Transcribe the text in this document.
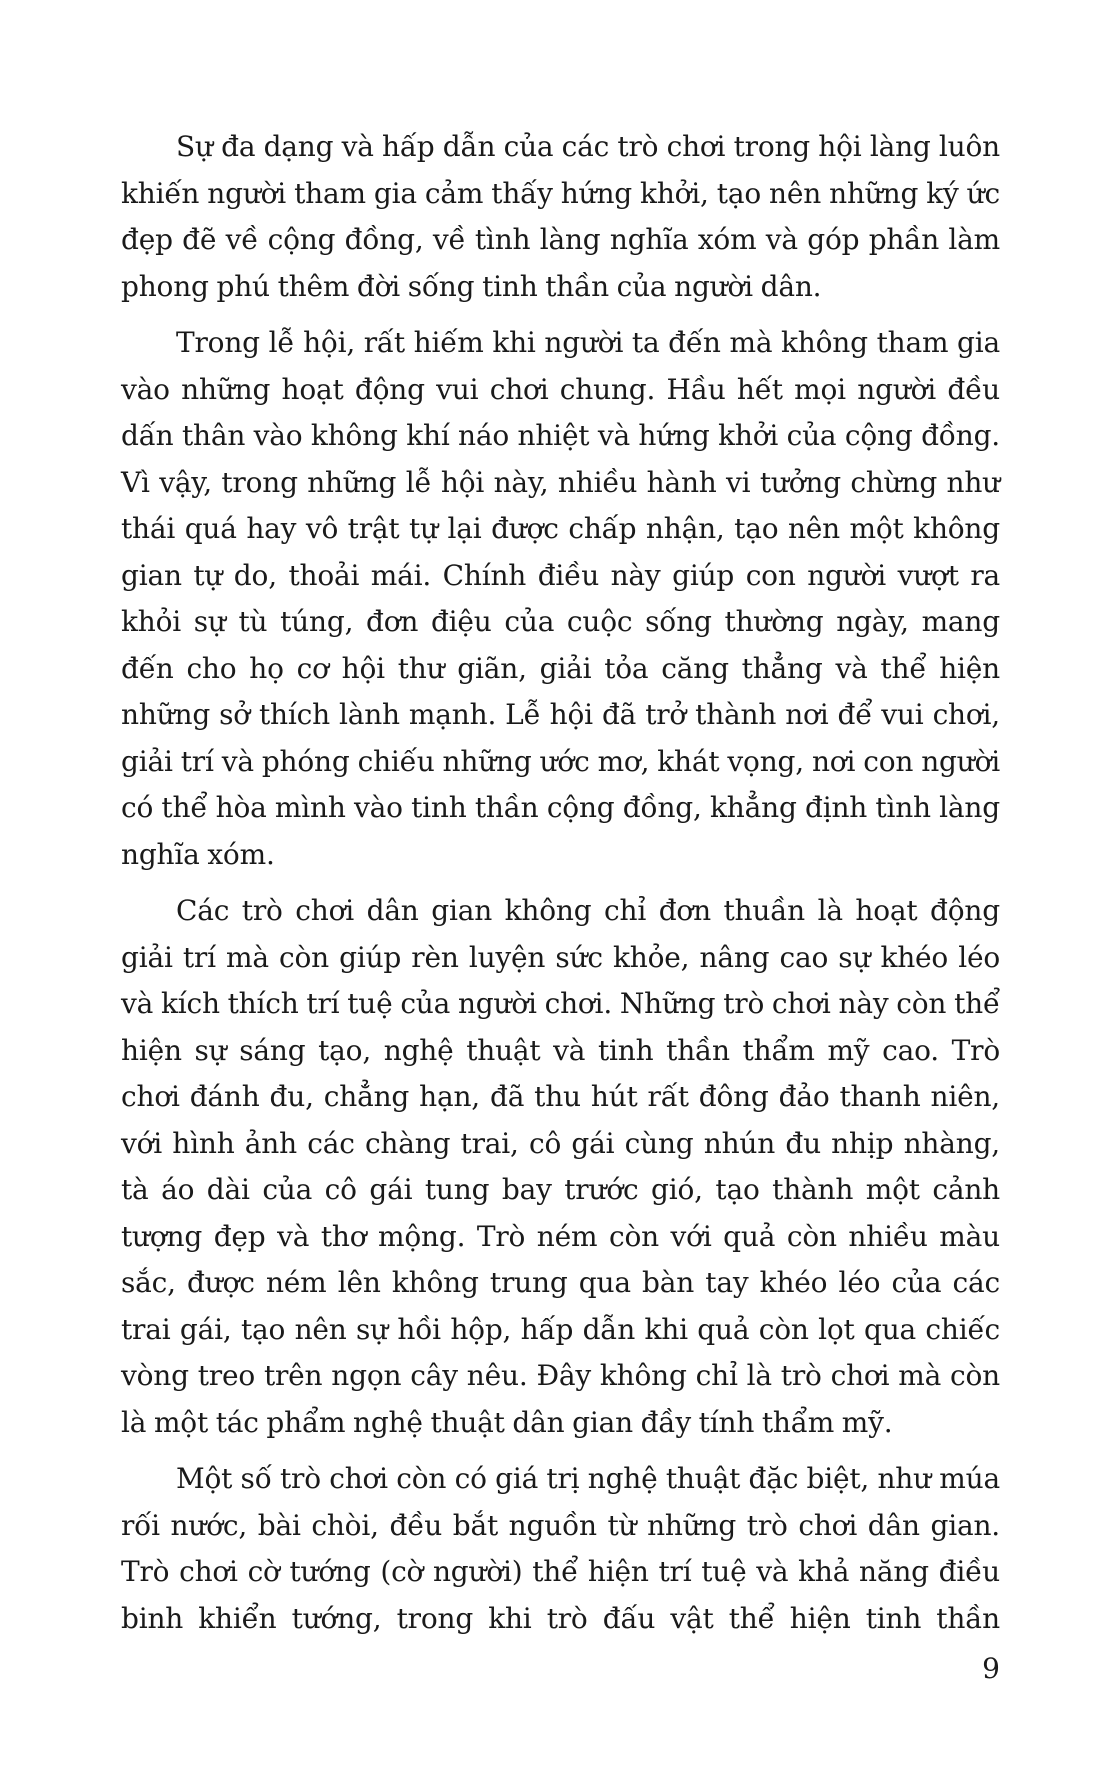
Sự đa dạng và hấp dẫn của các trò chơi trong hội làng luôn khiến người tham gia cảm thấy hứng khởi, tạo nên những ký ức đẹp đẽ về cộng đồng, về tình làng nghĩa xóm và góp phần làm phong phú thêm đời sống tinh thần của người dân.

Trong lễ hội, rất hiếm khi người ta đến mà không tham gia vào những hoạt động vui chơi chung. Hầu hết mọi người đều dấn thân vào không khí náo nhiệt và hứng khởi của cộng đồng. Vì vậy, trong những lễ hội này, nhiều hành vi tưởng chừng như thái quá hay vô trật tự lại được chấp nhận, tạo nên một không gian tự do, thoải mái. Chính điều này giúp con người vượt ra khỏi sự tù túng, đơn điệu của cuộc sống thường ngày, mang đến cho họ cơ hội thư giãn, giải tỏa căng thẳng và thể hiện những sở thích lành mạnh. Lễ hội đã trở thành nơi để vui chơi, giải trí và phóng chiếu những ước mơ, khát vọng, nơi con người có thể hòa mình vào tinh thần cộng đồng, khẳng định tình làng nghĩa xóm.

Các trò chơi dân gian không chỉ đơn thuần là hoạt động giải trí mà còn giúp rèn luyện sức khỏe, nâng cao sự khéo léo và kích thích trí tuệ của người chơi. Những trò chơi này còn thể hiện sự sáng tạo, nghệ thuật và tinh thần thẩm mỹ cao. Trò chơi đánh đu, chẳng hạn, đã thu hút rất đông đảo thanh niên, với hình ảnh các chàng trai, cô gái cùng nhún đu nhịp nhàng, tà áo dài của cô gái tung bay trước gió, tạo thành một cảnh tượng đẹp và thơ mộng. Trò ném còn với quả còn nhiều màu sắc, được ném lên không trung qua bàn tay khéo léo của các trai gái, tạo nên sự hồi hộp, hấp dẫn khi quả còn lọt qua chiếc vòng treo trên ngọn cây nêu. Đây không chỉ là trò chơi mà còn là một tác phẩm nghệ thuật dân gian đầy tính thẩm mỹ.

Một số trò chơi còn có giá trị nghệ thuật đặc biệt, như múa rối nước, bài chòi, đều bắt nguồn từ những trò chơi dân gian. Trò chơi cờ tướng (cờ người) thể hiện trí tuệ và khả năng điều binh khiển tướng, trong khi trò đấu vật thể hiện tinh thần

9
